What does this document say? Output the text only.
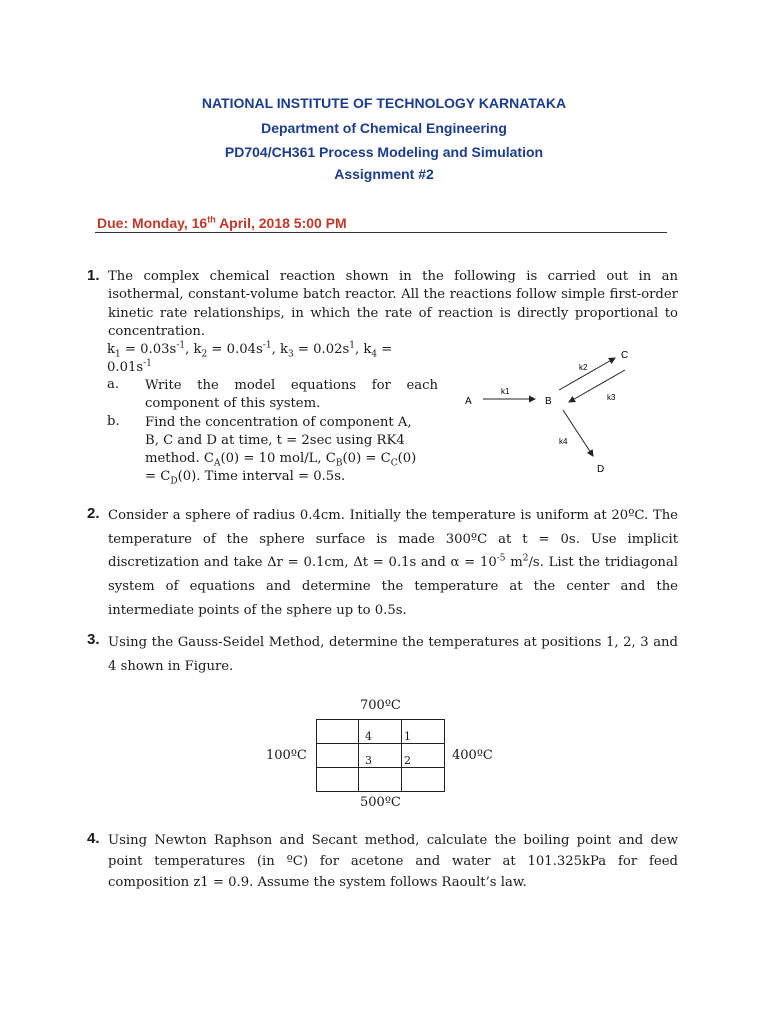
NATIONAL INSTITUTE OF TECHNOLOGY KARNATAKA
Department of Chemical Engineering
PD704/CH361 Process Modeling and Simulation
Assignment #2
Due: Monday, 16th April, 2018 5:00 PM
1. The complex chemical reaction shown in the following is carried out in an isothermal, constant-volume batch reactor. All the reactions follow simple first-order kinetic rate relationships, in which the rate of reaction is directly proportional to concentration.
$k_1 = 0.03s^{-1}$, $k_2 = 0.04s^{-1}$, $k_3 = 0.02s^1$, $k_4$ =
$0.01s^{-1}$
a. Write the model equations for each component of this system.
b. Find the concentration of component A,
B, C and D at time, t = 2sec using RK4
method. $C_A(0) = 10$ mol/L, $C_B(0) = C_C(0)$
= $C_D(0)$. Time interval = 0.5s.
A
k1
B
k2
k3
C
k4
D
2. Consider a sphere of radius 0.4cm. Initially the temperature is uniform at 20ºC. The temperature of the sphere surface is made 300ºC at t = 0s. Use implicit discretization and take Δr = 0.1cm, Δt = 0.1s and $\alpha = 10^{-5}$ $m^2/s$. List the tridiagonal system of equations and determine the temperature at the center and the intermediate points of the sphere up to 0.5s.
3. Using the Gauss-Seidel Method, determine the temperatures at positions 1, 2, 3 and 4 shown in Figure.
700ºC
100ºC	400ºC
500ºC
4	1
3	2
4. Using Newton Raphson and Secant method, calculate the boiling point and dew point temperatures (in ºC) for acetone and water at 101.325kPa for feed composition z1 = 0.9. Assume the system follows Raoult’s law.
